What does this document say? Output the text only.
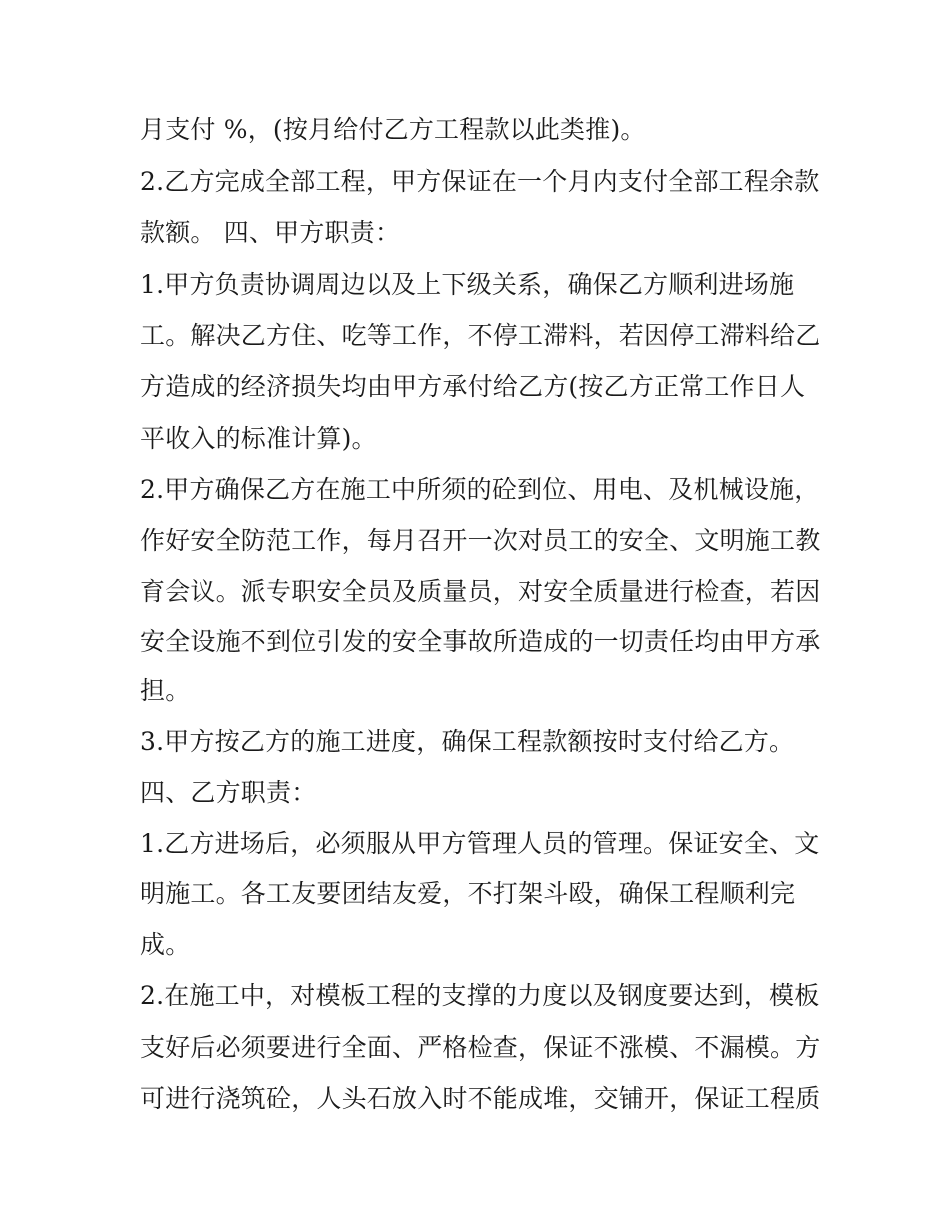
月支付 %，(按月给付乙方工程款以此类推)。
2.乙方完成全部工程，甲方保证在一个月内支付全部工程余款
款额。 四、甲方职责：
1.甲方负责协调周边以及上下级关系，确保乙方顺利进场施
工。解决乙方住、吃等工作，不停工滞料，若因停工滞料给乙
方造成的经济损失均由甲方承付给乙方(按乙方正常工作日人
平收入的标准计算)。
2.甲方确保乙方在施工中所须的砼到位、用电、及机械设施，
作好安全防范工作，每月召开一次对员工的安全、文明施工教
育会议。派专职安全员及质量员，对安全质量进行检查，若因
安全设施不到位引发的安全事故所造成的一切责任均由甲方承
担。
3.甲方按乙方的施工进度，确保工程款额按时支付给乙方。
四、乙方职责：
1.乙方进场后，必须服从甲方管理人员的管理。保证安全、文
明施工。各工友要团结友爱，不打架斗殴，确保工程顺利完
成。
2.在施工中，对模板工程的支撑的力度以及钢度要达到，模板
支好后必须要进行全面、严格检查，保证不涨模、不漏模。方
可进行浇筑砼，人头石放入时不能成堆，交铺开，保证工程质
